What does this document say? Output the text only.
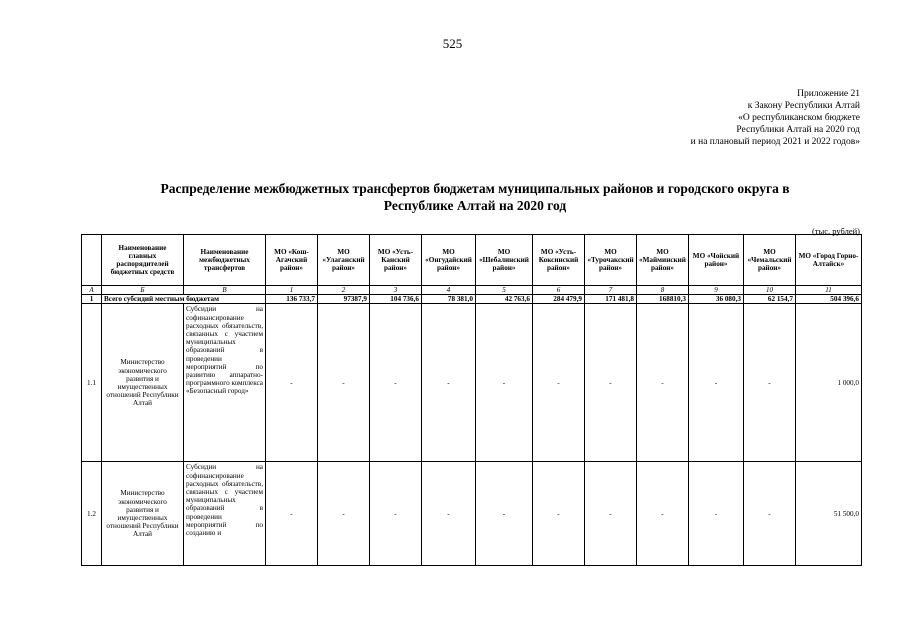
525
Приложение 21
к Закону Республики Алтай
«О республиканском бюджете
Республики Алтай на 2020 год
и на плановый период 2021 и 2022 годов»
Распределение межбюджетных трансфертов бюджетам муниципальных районов и городского округа в
Республике Алтай на 2020 год
(тыс. рублей)
	Наименование главных распорядителей бюджетных средств	Наименование межбюджетных трансфертов	МО «Кош-Агачский район»	МО «Улаганский район»	МО «Усть-Канский район»	МО «Онгудайский район»	МО «Шебалинский район»	МО «Усть-Коксинский район»	МО «Турочакский район»	МО «Майминский район»	МО «Чойский район»	МО «Чемальский район»	МО «Город Горно-Алтайск»
А	Б	В	1	2	3	4	5	6	7	8	9	10	11
1	Всего субсидий местным бюджетам		136 733,7	97387,9	104 736,6	78 381,0	42 763,6	284 479,9	171 481,8	168810,3	36 080,3	62 154,7	504 396,6
1.1	Министерство экономического развития и имущественных отношений Республики Алтай	Субсидии на софинансирование расходных обязательств, связанных с участием муниципальных образований в проведении мероприятий по развитию аппаратно-программного комплекса «Безопасный город»	-	-	-	-	-	-	-	-	-	-	1 000,0
1.2	Министерство экономического развития и имущественных отношений Республики Алтай	Субсидии на софинансирование расходных обязательств, связанных с участием муниципальных образований в проведении мероприятий по созданию и	-	-	-	-	-	-	-	-	-	-	51 500,0
